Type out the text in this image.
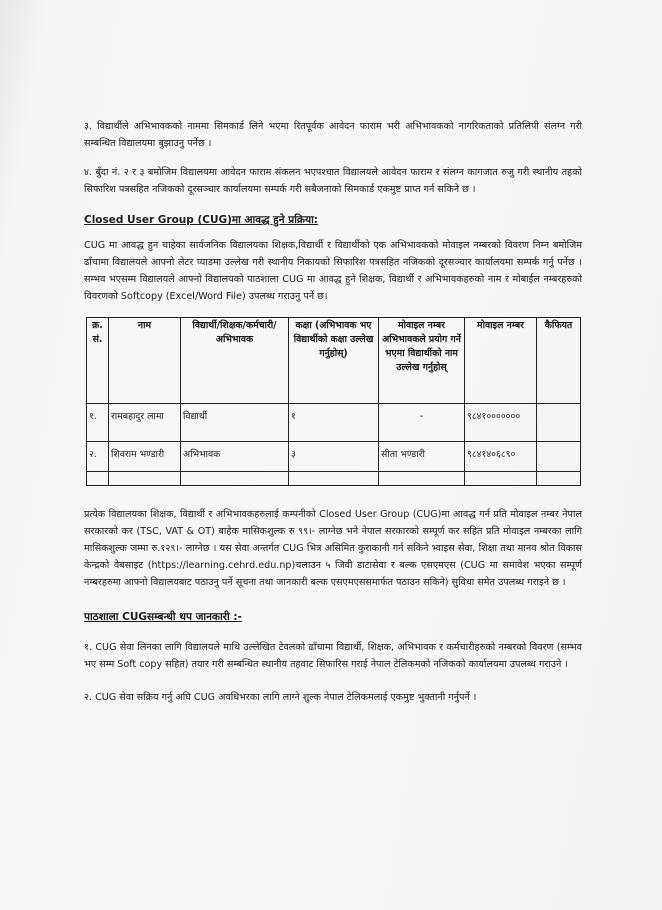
३. विद्यार्थीले अभिभावकको नाममा सिमकार्ड लिने भएमा रितपूर्वक आवेदन फाराम भरी अभिभावकको नागरिकताको प्रतिलिपी संलग्न गरी सम्बन्धित विद्यालयमा बुझाउनु पर्नेछ ।

४. बुँदा नं. २ र ३ बमोजिम विद्यालयमा आवेदन फाराम संकलन भएपश्चात विद्यालयले आवेदन फाराम र संलग्न कागजात रुजु गरी स्थानीय तहको सिफारिश पत्रसहित नजिकको दूरसञ्चार कार्यालयमा सम्पर्क गरी सबैजनाको सिमकार्ड एकमुष्ट प्राप्त गर्न सकिने छ ।

Closed User Group (CUG)मा आवद्ध हुने प्रक्रिया:

CUG मा आवद्ध हुन चाहेका सार्वजनिक विद्यालयका शिक्षक,विद्यार्थी र विद्यार्थीको एक अभिभावकको मोवाइल नम्बरको विवरण निम्न बमोजिम ढाँचामा विद्यालयले आफ्नो लेटर प्याडमा उल्लेख गरी स्थानीय निकायको सिफारिश पत्रसहित नजिकको दूरसञ्चार कार्यालयमा सम्पर्क गर्नु पर्नेछ । सम्भव भएसम्म विद्यालयले आफ्नो विद्यालयको पाठशाला CUG मा आवद्ध हुने शिक्षक, विद्यार्थी र अभिभावकहरुको नाम र मोबाईल नम्बरहरुको विवरणको Softcopy (Excel/Word File) उपलब्ध गराउनु पर्ने छ।

क्र. सं.	नाम	विद्यार्थी/शिक्षक/कर्मचारी/ अभिभावक	कक्षा (अभिभावक भए विद्यार्थीको कक्षा उल्लेख गर्नुहोस्)	मोवाइल नम्बर अभिभावकले प्रयोग गर्ने भएमा विद्यार्थीको नाम उल्लेख गर्नुहोस्	मोवाइल नम्बर	कैफियत
१.	रामबहादुर लामा	विद्यार्थी	१	-	९८४१०००००००	
२.	शिवराम भण्डारी	अभिभावक	३	सीता भण्डारी	९८४१४०६८९०	

प्रत्येक विद्यालयका शिक्षक, विद्यार्थी र अभिभावकहरुलाई कम्पनीको Closed User Group (CUG)मा आवद्ध गर्न प्रति मोवाइल नम्बर नेपाल सरकारको कर (TSC, VAT & OT) बाहेक मासिकशुल्क रु ९९।- लाग्नेछ भने नेपाल सरकारको सम्पूर्ण कर सहित प्रति मोवाइल नम्बरका लागि मासिकशुल्क जम्मा रु.१२९।- लाग्नेछ । यस सेवा अन्तर्गत CUG भित्र असिमित कुराकानी गर्न सकिने भ्वाइस सेवा, शिक्षा तथा मानव श्रोत विकास केन्द्रको वेबसाइट (https://learning.cehrd.edu.np)चलाउन ५ जिवी डाटासेवा र बल्क एसएमएस (CUG मा समावेश भएका सम्पूर्ण नम्बरहरुमा आफ्नो विद्यालयबाट पठाउनु पर्ने सूचना तथा जानकारी बल्क एसएमएससमार्फत पठाउन सकिने) सुविधा समेत उपलब्ध गराइने छ ।

पाठशाला CUGसम्बन्धी थप जानकारी :-

१. CUG सेवा लिनका लागि विद्यालयले माथि उल्लेखित टेवलको ढाँचामा विद्यार्थी, शिक्षक, अभिभावक र कर्मचारीहरुको नम्बरको विवरण (सम्भव भए सम्म Soft copy सहित) तयार गरी सम्बन्धित स्थानीय तहवाट सिफारिस गराई नेपाल टेलिकमको नजिकको कार्यालयमा उपलब्ध गराउने ।

२. CUG सेवा सक्रिय गर्नु अघि CUG अवधिभरका लागि लाग्ने शुल्क नेपाल टेलिकमलाई एकमुष्ट भुक्तानी गर्नुपर्ने ।
